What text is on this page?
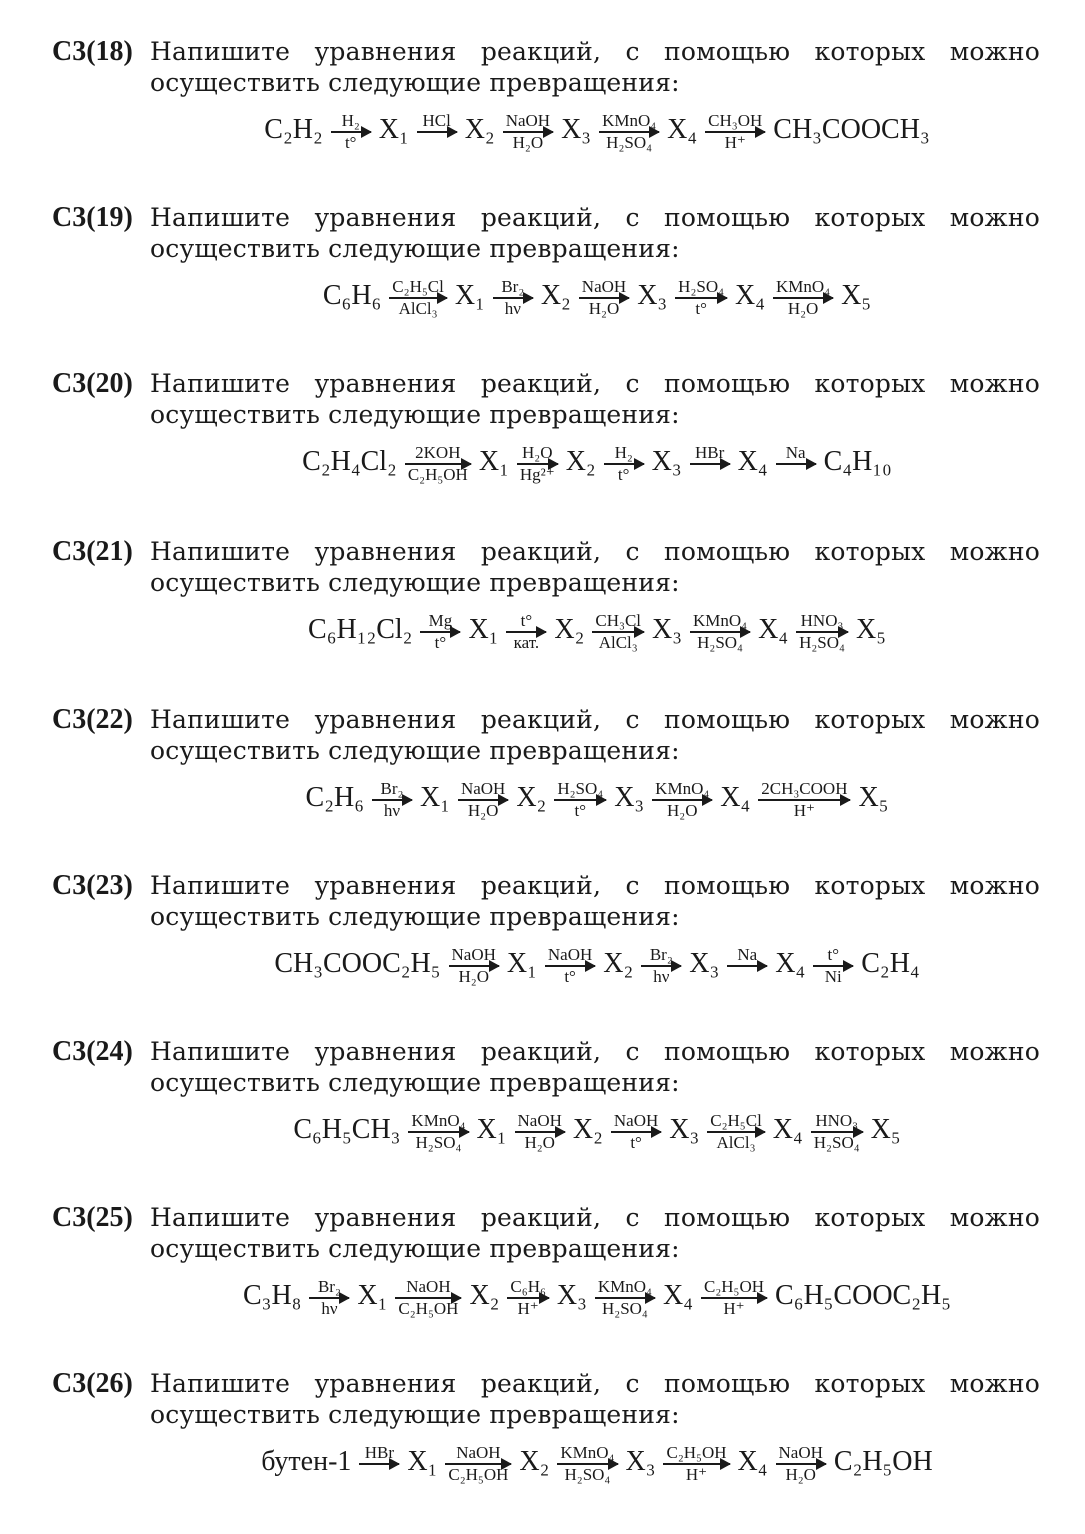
С3(18) Напишите уравнения реакций, с помощью которых можно осуществить следующие превращения:
C₂H₂ H₂
t° X₁ HCl X₂ NaOH
H₂O X₃ KMnO₄
H₂SO₄ X₄ CH₃OH
H⁺ CH₃COOCH₃
С3(19) Напишите уравнения реакций, с помощью которых можно осуществить следующие превращения:
C₆H₆ C₂H₅Cl
AlCl₃ X₁ Br₂
hν X₂ NaOH
H₂O X₃ H₂SO₄
t° X₄ KMnO₄
H₂O X₅
С3(20) Напишите уравнения реакций, с помощью которых можно осуществить следующие превращения:
C₂H₄Cl₂ 2KOH
C₂H₅OH X₁ H₂O
Hg²⁺ X₂ H₂
t° X₃ HBr X₄ Na C₄H₁₀
С3(21) Напишите уравнения реакций, с помощью которых можно осуществить следующие превращения:
C₆H₁₂Cl₂ Mg
t° X₁ t°
кат. X₂ CH₃Cl
AlCl₃ X₃ KMnO₄
H₂SO₄ X₄ HNO₃
H₂SO₄ X₅
С3(22) Напишите уравнения реакций, с помощью которых можно осуществить следующие превращения:
C₂H₆ Br₂
hν X₁ NaOH
H₂O X₂ H₂SO₄
t° X₃ KMnO₄
H₂O X₄ 2CH₃COOH
H⁺ X₅
С3(23) Напишите уравнения реакций, с помощью которых можно осуществить следующие превращения:
CH₃COOC₂H₅ NaOH
H₂O X₁ NaOH
t° X₂ Br₂
hν X₃ Na X₄ t°
Ni C₂H₄
С3(24) Напишите уравнения реакций, с помощью которых можно осуществить следующие превращения:
C₆H₅CH₃ KMnO₄
H₂SO₄ X₁ NaOH
H₂O X₂ NaOH
t° X₃ C₂H₅Cl
AlCl₃ X₄ HNO₃
H₂SO₄ X₅
С3(25) Напишите уравнения реакций, с помощью которых можно осуществить следующие превращения:
C₃H₈ Br₂
hν X₁ NaOH
C₂H₅OH X₂ C₆H₆
H⁺ X₃ KMnO₄
H₂SO₄ X₄ C₂H₅OH
H⁺ C₆H₅COOC₂H₅
С3(26) Напишите уравнения реакций, с помощью которых можно осуществить следующие превращения:
бутен-1 HBr X₁ NaOH
C₂H₅OH X₂ KMnO₄
H₂SO₄ X₃ C₂H₅OH
H⁺ X₄ NaOH
H₂O C₂H₅OH
